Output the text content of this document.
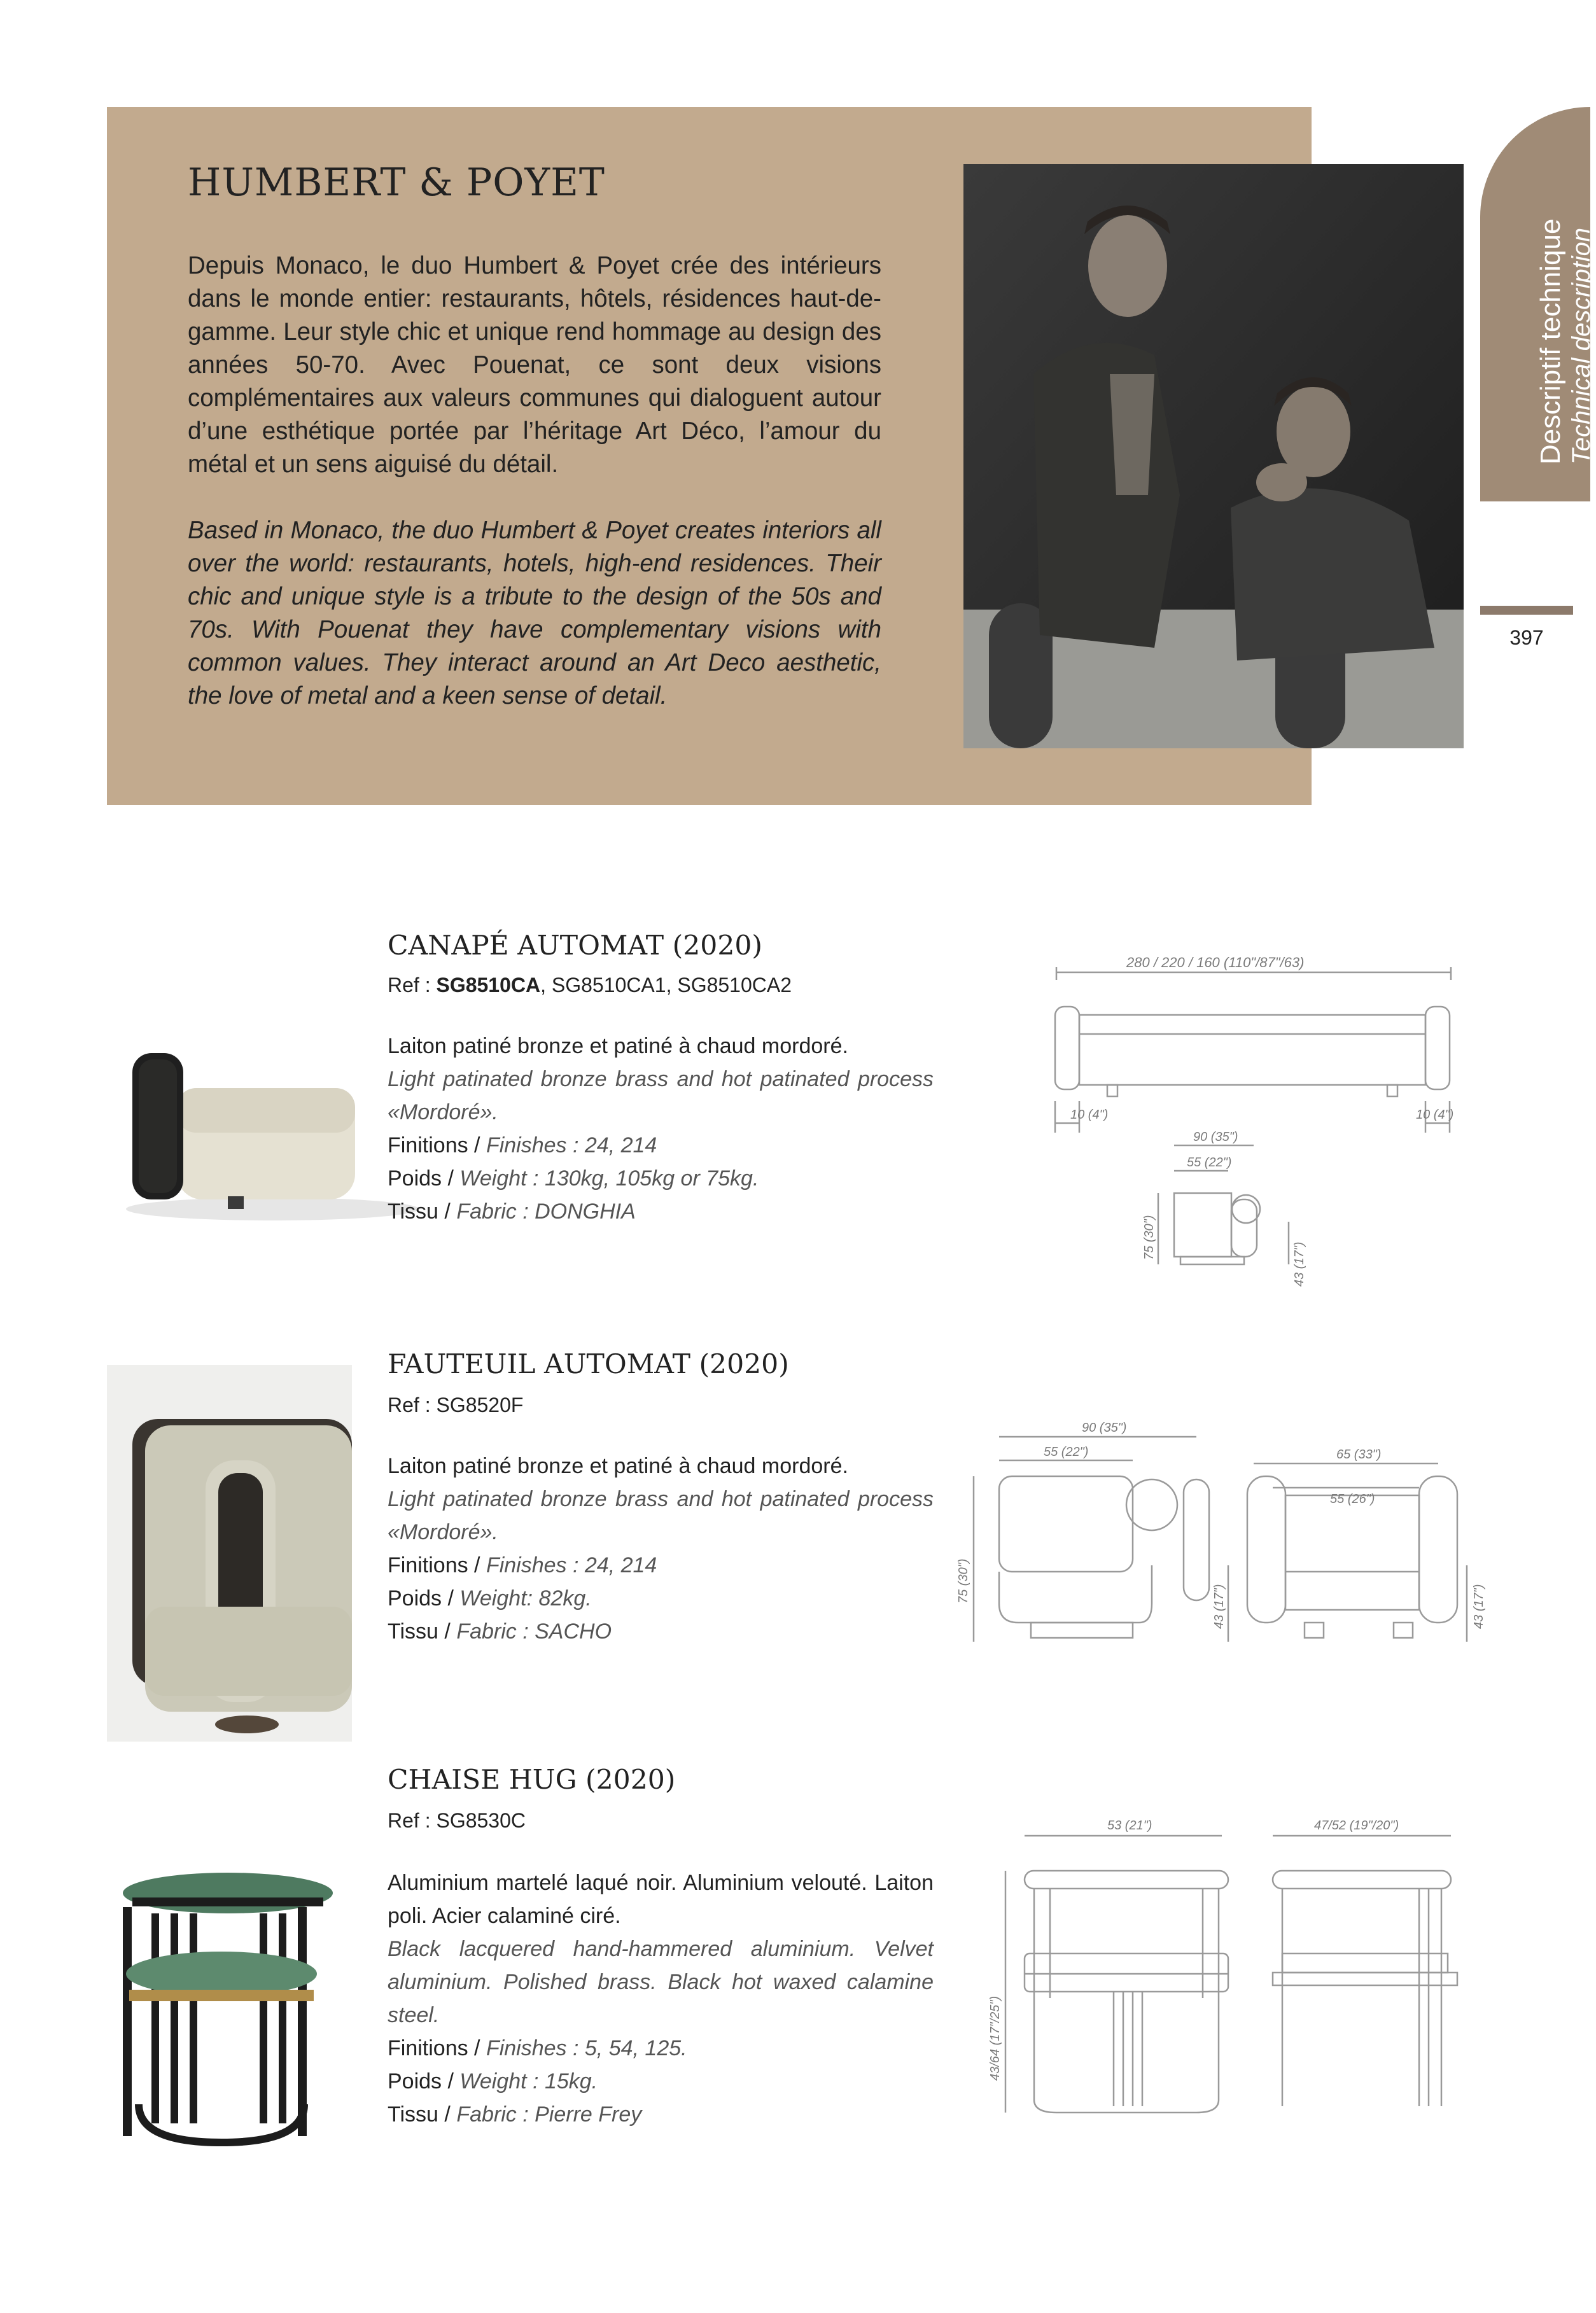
Descriptif technique Technical description
397
HUMBERT & POYET

Depuis Monaco, le duo Humbert & Poyet crée des intérieurs dans le monde entier: restaurants, hôtels, résidences haut-de-gamme. Leur style chic et unique rend hommage au design des années 50-70. Avec Pouenat, ce sont deux visions complémentaires aux valeurs communes qui dialoguent autour d’une esthétique portée par l’héritage Art Déco, l’amour du métal et un sens aiguisé du détail.

Based in Monaco, the duo Humbert & Poyet creates interiors all over the world: restaurants, hotels, high-end residences. Their chic and unique style is a tribute to the design of the 50s and 70s. With Pouenat they have complementary visions with common values. They interact around an Art Deco aesthetic, the love of metal and a keen sense of detail.

CANAPÉ AUTOMAT (2020)
Ref : SG8510CA, SG8510CA1, SG8510CA2
Laiton patiné bronze et patiné à chaud mordoré.
Light patinated bronze brass and hot patinated process «Mordoré».
Finitions / Finishes : 24, 214
Poids / Weight : 130kg, 105kg or 75kg.
Tissu / Fabric : DONGHIA
280 / 220 / 160 (110"/87"/63)
10 (4")	10 (4")
90 (35")
55 (22")
75 (30")
43 (17")
FAUTEUIL AUTOMAT (2020)
Ref : SG8520F
Laiton patiné bronze et patiné à chaud mordoré.
Light patinated bronze brass and hot patinated process «Mordoré».
Finitions / Finishes : 24, 214
Poids / Weight: 82kg.
Tissu / Fabric : SACHO
90 (35")
55 (22")
75 (30")
43 (17")
65 (33")
55 (26")
43 (17")
CHAISE HUG (2020)
Ref : SG8530C
Aluminium martelé laqué noir. Aluminium velouté. Laiton poli. Acier calaminé ciré.
Black lacquered hand-hammered aluminium. Velvet aluminium. Polished brass. Black hot waxed calamine steel.
Finitions / Finishes : 5, 54, 125.
Poids / Weight : 15kg.
Tissu / Fabric : Pierre Frey
53 (21")	47/52 (19"/20")
43/64 (17"/25")
